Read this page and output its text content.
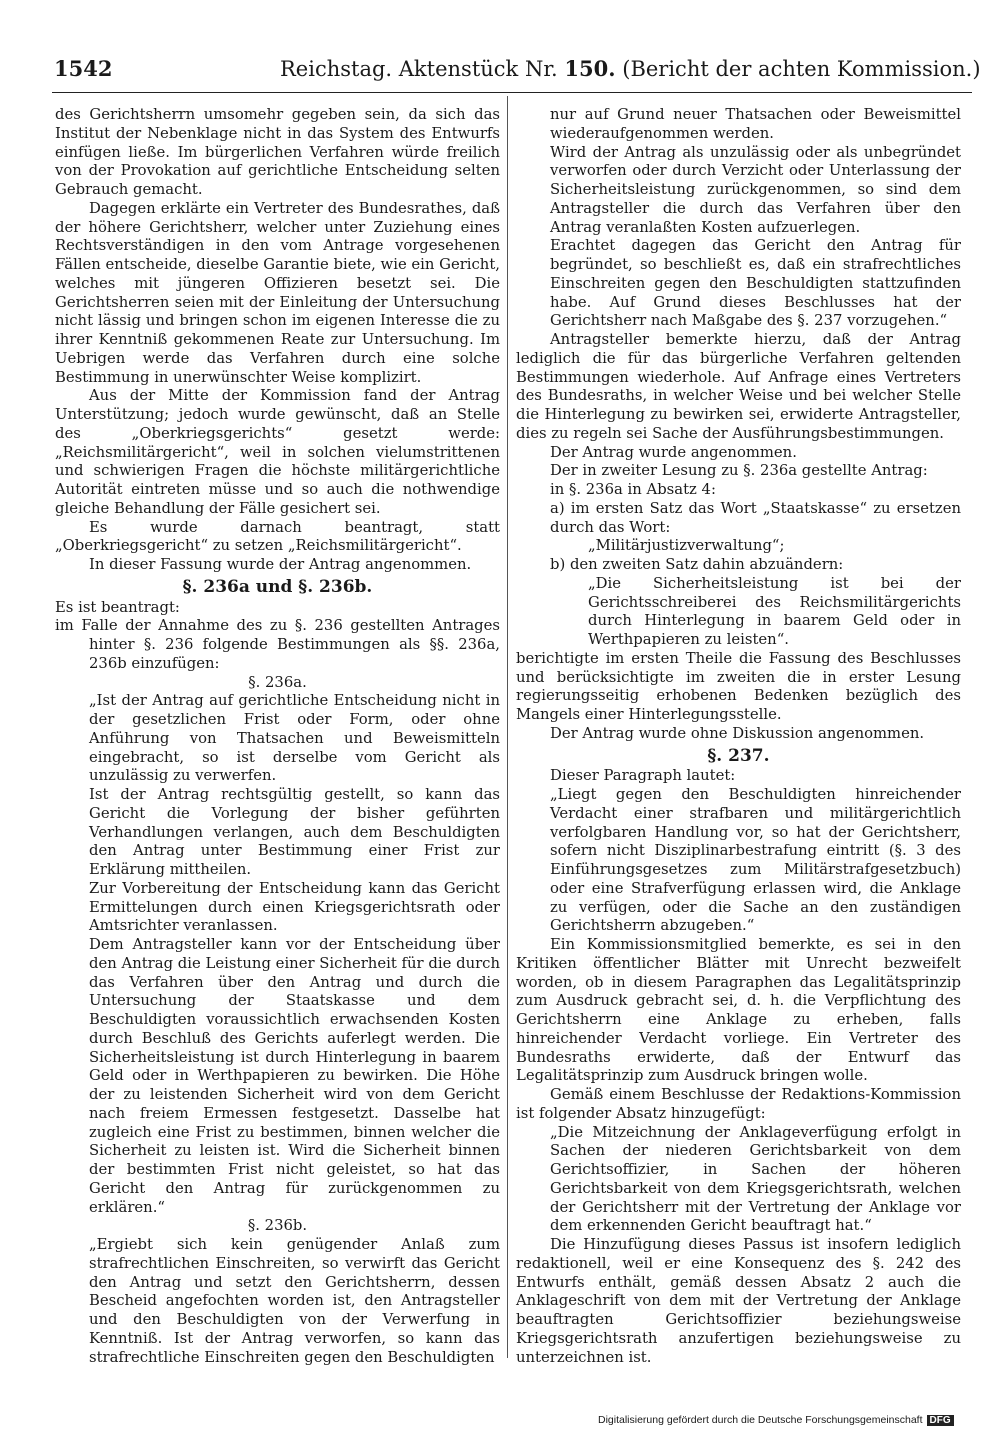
1542	Reichstag. Aktenstück Nr. 150. (Bericht der achten Kommission.)

des Gerichtsherrn umsomehr gegeben sein, da sich das Institut der Nebenklage nicht in das System des Entwurfs einfügen ließe. Im bürgerlichen Verfahren würde freilich von der Provokation auf gerichtliche Entscheidung selten Gebrauch gemacht.

Dagegen erklärte ein Vertreter des Bundesrathes, daß der höhere Gerichtsherr, welcher unter Zuziehung eines Rechtsverständigen in den vom Antrage vorgesehenen Fällen entscheide, dieselbe Garantie biete, wie ein Gericht, welches mit jüngeren Offizieren besetzt sei. Die Gerichtsherren seien mit der Einleitung der Untersuchung nicht lässig und bringen schon im eigenen Interesse die zu ihrer Kenntniß gekommenen Reate zur Untersuchung. Im Uebrigen werde das Verfahren durch eine solche Bestimmung in unerwünschter Weise komplizirt.

Aus der Mitte der Kommission fand der Antrag Unterstützung; jedoch wurde gewünscht, daß an Stelle des „Oberkriegsgerichts“ gesetzt werde: „Reichsmilitärgericht“, weil in solchen vielumstrittenen und schwierigen Fragen die höchste militärgerichtliche Autorität eintreten müsse und so auch die nothwendige gleiche Behandlung der Fälle gesichert sei.

Es wurde darnach beantragt, statt „Oberkriegsgericht“ zu setzen „Reichsmilitärgericht“.

In dieser Fassung wurde der Antrag angenommen.

§. 236a und §. 236b.

Es ist beantragt:

im Falle der Annahme des zu §. 236 gestellten Antrages hinter §. 236 folgende Bestimmungen als §§. 236a, 236b einzufügen:

§. 236a.

„Ist der Antrag auf gerichtliche Entscheidung nicht in der gesetzlichen Frist oder Form, oder ohne Anführung von Thatsachen und Beweismitteln eingebracht, so ist derselbe vom Gericht als unzulässig zu verwerfen.

Ist der Antrag rechtsgültig gestellt, so kann das Gericht die Vorlegung der bisher geführten Verhandlungen verlangen, auch dem Beschuldigten den Antrag unter Bestimmung einer Frist zur Erklärung mittheilen.

Zur Vorbereitung der Entscheidung kann das Gericht Ermittelungen durch einen Kriegsgerichtsrath oder Amtsrichter veranlassen.

Dem Antragsteller kann vor der Entscheidung über den Antrag die Leistung einer Sicherheit für die durch das Verfahren über den Antrag und durch die Untersuchung der Staatskasse und dem Beschuldigten voraussichtlich erwachsenden Kosten durch Beschluß des Gerichts auferlegt werden. Die Sicherheitsleistung ist durch Hinterlegung in baarem Geld oder in Werthpapieren zu bewirken. Die Höhe der zu leistenden Sicherheit wird von dem Gericht nach freiem Ermessen festgesetzt. Dasselbe hat zugleich eine Frist zu bestimmen, binnen welcher die Sicherheit zu leisten ist. Wird die Sicherheit binnen der bestimmten Frist nicht geleistet, so hat das Gericht den Antrag für zurückgenommen zu erklären.“

§. 236b.

„Ergiebt sich kein genügender Anlaß zum strafrechtlichen Einschreiten, so verwirft das Gericht den Antrag und setzt den Gerichtsherrn, dessen Bescheid angefochten worden ist, den Antragsteller und den Beschuldigten von der Verwerfung in Kenntniß. Ist der Antrag verworfen, so kann das strafrechtliche Einschreiten gegen den Beschuldigten

nur auf Grund neuer Thatsachen oder Beweismittel wiederaufgenommen werden.

Wird der Antrag als unzulässig oder als unbegründet verworfen oder durch Verzicht oder Unterlassung der Sicherheitsleistung zurückgenommen, so sind dem Antragsteller die durch das Verfahren über den Antrag veranlaßten Kosten aufzuerlegen.

Erachtet dagegen das Gericht den Antrag für begründet, so beschließt es, daß ein strafrechtliches Einschreiten gegen den Beschuldigten stattzufinden habe. Auf Grund dieses Beschlusses hat der Gerichtsherr nach Maßgabe des §. 237 vorzugehen.“

Antragsteller bemerkte hierzu, daß der Antrag lediglich die für das bürgerliche Verfahren geltenden Bestimmungen wiederhole. Auf Anfrage eines Vertreters des Bundesraths, in welcher Weise und bei welcher Stelle die Hinterlegung zu bewirken sei, erwiderte Antragsteller, dies zu regeln sei Sache der Ausführungsbestimmungen.

Der Antrag wurde angenommen.

Der in zweiter Lesung zu §. 236a gestellte Antrag:

in §. 236a in Absatz 4:

a) im ersten Satz das Wort „Staatskasse“ zu ersetzen durch das Wort:

„Militärjustizverwaltung“;

b) den zweiten Satz dahin abzuändern:

„Die Sicherheitsleistung ist bei der Gerichtsschreiberei des Reichsmilitärgerichts durch Hinterlegung in baarem Geld oder in Werthpapieren zu leisten“.

berichtigte im ersten Theile die Fassung des Beschlusses und berücksichtigte im zweiten die in erster Lesung regierungsseitig erhobenen Bedenken bezüglich des Mangels einer Hinterlegungsstelle.

Der Antrag wurde ohne Diskussion angenommen.

§. 237.

Dieser Paragraph lautet:

„Liegt gegen den Beschuldigten hinreichender Verdacht einer strafbaren und militärgerichtlich verfolgbaren Handlung vor, so hat der Gerichtsherr, sofern nicht Disziplinarbestrafung eintritt (§. 3 des Einführungsgesetzes zum Militärstrafgesetzbuch) oder eine Strafverfügung erlassen wird, die Anklage zu verfügen, oder die Sache an den zuständigen Gerichtsherrn abzugeben.“

Ein Kommissionsmitglied bemerkte, es sei in den Kritiken öffentlicher Blätter mit Unrecht bezweifelt worden, ob in diesem Paragraphen das Legalitätsprinzip zum Ausdruck gebracht sei, d. h. die Verpflichtung des Gerichtsherrn eine Anklage zu erheben, falls hinreichender Verdacht vorliege. Ein Vertreter des Bundesraths erwiderte, daß der Entwurf das Legalitätsprinzip zum Ausdruck bringen wolle.

Gemäß einem Beschlusse der Redaktions-Kommission ist folgender Absatz hinzugefügt:

„Die Mitzeichnung der Anklageverfügung erfolgt in Sachen der niederen Gerichtsbarkeit von dem Gerichtsoffizier, in Sachen der höheren Gerichtsbarkeit von dem Kriegsgerichtsrath, welchen der Gerichtsherr mit der Vertretung der Anklage vor dem erkennenden Gericht beauftragt hat.“

Die Hinzufügung dieses Passus ist insofern lediglich redaktionell, weil er eine Konsequenz des §. 242 des Entwurfs enthält, gemäß dessen Absatz 2 auch die Anklageschrift von dem mit der Vertretung der Anklage beauftragten Gerichtsoffizier beziehungsweise Kriegsgerichtsrath anzufertigen beziehungsweise zu unterzeichnen ist.

Digitalisierung gefördert durch die Deutsche Forschungsgemeinschaft DFG
